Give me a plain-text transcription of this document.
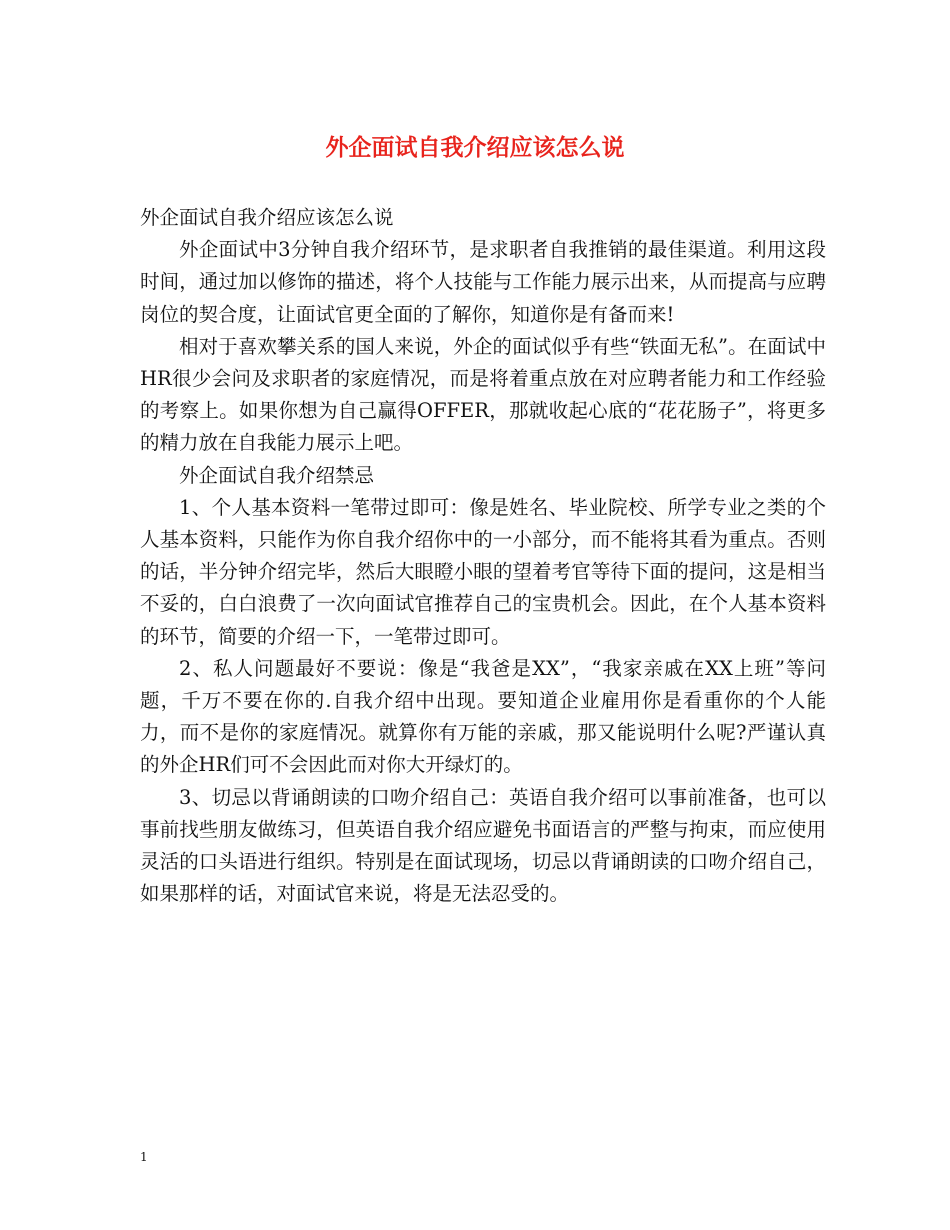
外企面试自我介绍应该怎么说

外企面试自我介绍应该怎么说

外企面试中3分钟自我介绍环节，是求职者自我推销的最佳渠道。利用这段时间，通过加以修饰的描述，将个人技能与工作能力展示出来，从而提高与应聘岗位的契合度，让面试官更全面的了解你，知道你是有备而来!

相对于喜欢攀关系的国人来说，外企的面试似乎有些“铁面无私”。在面试中HR很少会问及求职者的家庭情况，而是将着重点放在对应聘者能力和工作经验的考察上。如果你想为自己赢得OFFER，那就收起心底的“花花肠子”，将更多的精力放在自我能力展示上吧。

外企面试自我介绍禁忌

1、个人基本资料一笔带过即可：像是姓名、毕业院校、所学专业之类的个人基本资料，只能作为你自我介绍你中的一小部分，而不能将其看为重点。否则的话，半分钟介绍完毕，然后大眼瞪小眼的望着考官等待下面的提问，这是相当不妥的，白白浪费了一次向面试官推荐自己的宝贵机会。因此，在个人基本资料的环节，简要的介绍一下，一笔带过即可。

2、私人问题最好不要说：像是“我爸是XX”，“我家亲戚在XX上班”等问题，千万不要在你的.自我介绍中出现。要知道企业雇用你是看重你的个人能力，而不是你的家庭情况。就算你有万能的亲戚，那又能说明什么呢?严谨认真的外企HR们可不会因此而对你大开绿灯的。

3、切忌以背诵朗读的口吻介绍自己：英语自我介绍可以事前准备，也可以事前找些朋友做练习，但英语自我介绍应避免书面语言的严整与拘束，而应使用灵活的口头语进行组织。特别是在面试现场，切忌以背诵朗读的口吻介绍自己，如果那样的话，对面试官来说，将是无法忍受的。

1
